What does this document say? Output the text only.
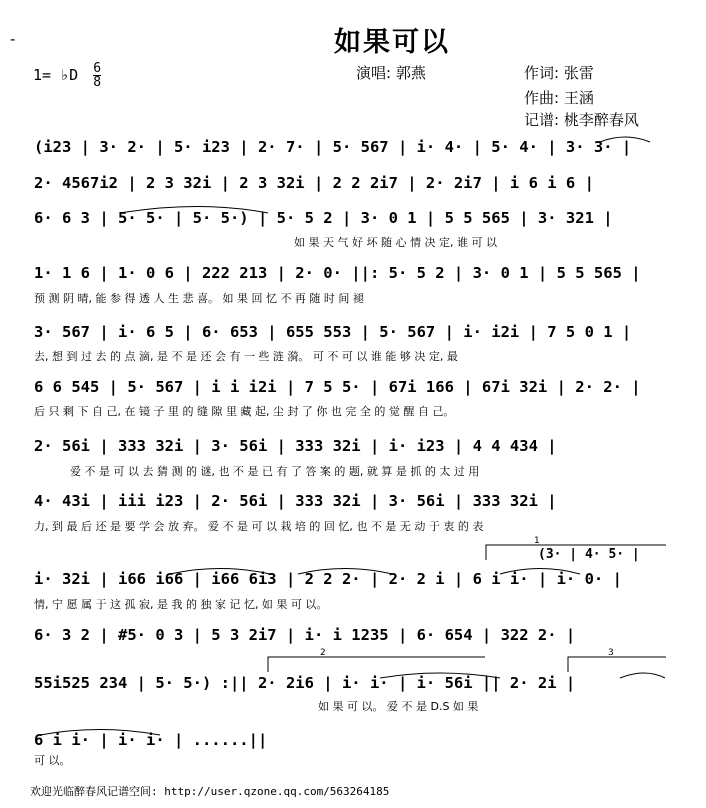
如果可以
-
1= ♭D $\frac{6}{8}$	演唱: 郭燕	作词: 张雷
作曲: 王涵
记谱: 桃李醉春风
(i23 | 3· 2· | 5· i23 | 2· 7· | 5· 567 | i· 4· | 5· 4· | 3· 3· |
2· 4567i2 | 2 3 32i | 2 3 32i | 2 2 2i7 | 2· 2i7 | i 6 i 6 |
6· 6 3 | 5· 5· | 5· 5·) | 5· 5 2 | 3· 0 1 | 5 5 565 | 3· 321 |
如 果 天 气 好 坏 随 心 情 决 定, 谁 可 以
1· 1 6 | 1· 0 6 | 222 213 | 2· 0· ||: 5· 5 2 | 3· 0 1 | 5 5 565 |
预 测 阴 晴, 能 参 得 透 人 生 悲 喜。 如 果 回 忆 不 再 随 时 间 褪
3· 567 | i· 6 5 | 6· 653 | 655 553 | 5· 567 | i· i2i | 7 5 0 1 |
去, 想 到 过 去 的 点 滴, 是 不 是 还 会 有 一 些 涟 漪。 可 不 可 以 谁 能 够 决 定, 最
6 6 545 | 5· 567 | i i i2i | 7 5 5· | 67i 166 | 67i 32i | 2· 2· |
后 只 剩 下 自 己, 在 镜 子 里 的 缝 隙 里 藏 起, 尘 封 了 你 也 完 全 的 觉 醒 自 己。
2· 56i | 333 32i | 3· 56i | 333 32i | i· i23 | 4 4 434 |
爱 不 是 可 以 去 猜 测 的 谜, 也 不 是 已 有 了 答 案 的 题, 就 算 是 抓 的 太 过 用
4· 43i | iii i23 | 2· 56i | 333 32i | 3· 56i | 333 32i |
力, 到 最 后 还 是 要 学 会 放 弃。 爱 不 是 可 以 栽 培 的 回 忆, 也 不 是 无 动 于 衷 的 表
(3· | 4· 5· |
i· 32i | i66 i66 | i66 6i3 | 2 2 2· | 2· 2 i | 6 i i· | i· 0· |
情, 宁 愿 属 于 这 孤 寂, 是 我 的 独 家 记 忆, 如 果 可 以。
6· 3 2 | #5· 0 3 | 5 3 2i7 | i· i 1235 | 6· 654 | 322 2· |
55i525 234 | 5· 5·) :|| 2· 2i6 | i· i· | i· 56i || 2· 2i |
如 果 可 以。 爱 不 是 D.S 如 果
6 i i· | i· i· | ......||
可 以。
欢迎光临醉春风记谱空间: http://user.qzone.qq.com/563264185
1
2	3
